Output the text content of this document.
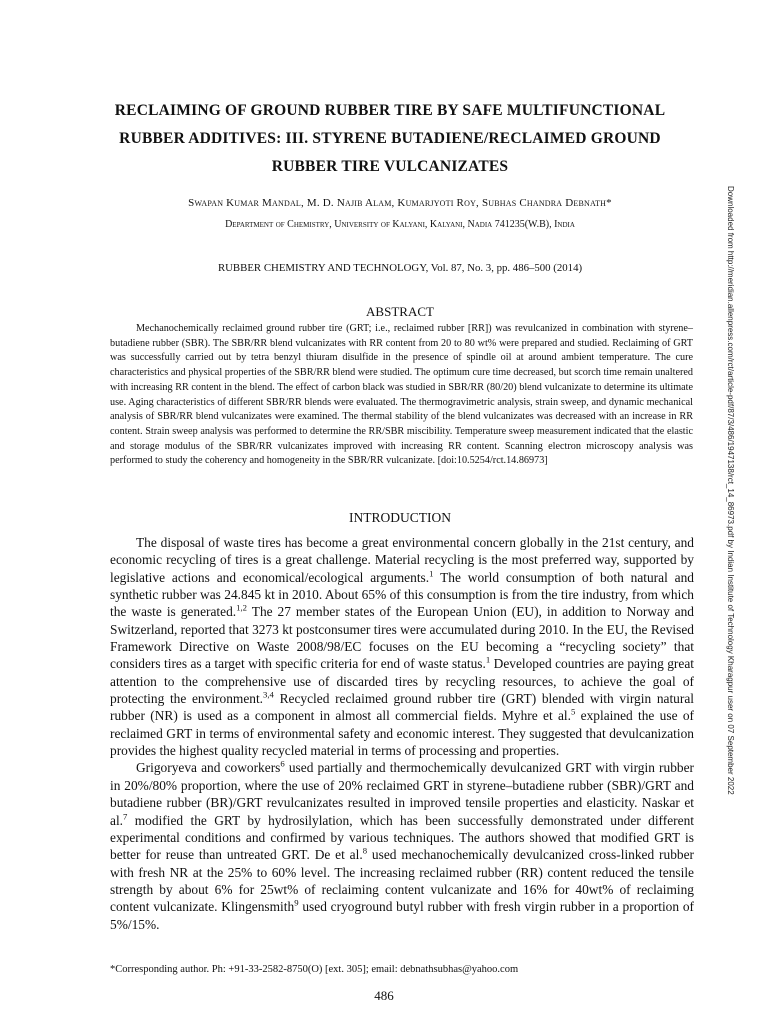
RECLAIMING OF GROUND RUBBER TIRE BY SAFE MULTIFUNCTIONAL
RUBBER ADDITIVES: III. STYRENE BUTADIENE/RECLAIMED GROUND
RUBBER TIRE VULCANIZATES
Swapan Kumar Mandal, M. D. Najib Alam, Kumarjyoti Roy, Subhas Chandra Debnath*
Department of Chemistry, University of Kalyani, Kalyani, Nadia 741235(W.B), India
RUBBER CHEMISTRY AND TECHNOLOGY, Vol. 87, No. 3, pp. 486–500 (2014)
ABSTRACT
Mechanochemically reclaimed ground rubber tire (GRT; i.e., reclaimed rubber [RR]) was revulcanized in combination with styrene–butadiene rubber (SBR). The SBR/RR blend vulcanizates with RR content from 20 to 80 wt% were prepared and studied. Reclaiming of GRT was successfully carried out by tetra benzyl thiuram disulfide in the presence of spindle oil at around ambient temperature. The cure characteristics and physical properties of the SBR/RR blend were studied. The optimum cure time decreased, but scorch time remain unaltered with increasing RR content in the blend. The effect of carbon black was studied in SBR/RR (80/20) blend vulcanizate to determine its ultimate use. Aging characteristics of different SBR/RR blends were evaluated. The thermogravimetric analysis, strain sweep, and dynamic mechanical analysis of SBR/RR blend vulcanizates were examined. The thermal stability of the blend vulcanizates was decreased with an increase in RR content. Strain sweep analysis was performed to determine the RR/SBR miscibility. Temperature sweep measurement indicated that the elastic and storage modulus of the SBR/RR vulcanizates improved with increasing RR content. Scanning electron microscopy analysis was performed to study the coherency and homogeneity in the SBR/RR vulcanizate. [doi:10.5254/rct.14.86973]
INTRODUCTION

The disposal of waste tires has become a great environmental concern globally in the 21st century, and economic recycling of tires is a great challenge. Material recycling is the most preferred way, supported by legislative actions and economical/ecological arguments.$^1$ The world consumption of both natural and synthetic rubber was 24.845 kt in 2010. About 65% of this consumption is from the tire industry, from which the waste is generated.$^{1,2}$ The 27 member states of the European Union (EU), in addition to Norway and Switzerland, reported that 3273 kt postconsumer tires were accumulated during 2010. In the EU, the Revised Framework Directive on Waste 2008/98/EC focuses on the EU becoming a “recycling society” that considers tires as a target with specific criteria for end of waste status.$^1$ Developed countries are paying great attention to the comprehensive use of discarded tires by recycling resources, to achieve the goal of protecting the environment.$^{3,4}$ Recycled reclaimed ground rubber tire (GRT) blended with virgin natural rubber (NR) is used as a component in almost all commercial fields. Myhre et al.$^5$ explained the use of reclaimed GRT in terms of environmental safety and economic interest. They suggested that devulcanization provides the highest quality recycled material in terms of processing and properties.

Grigoryeva and coworkers$^6$ used partially and thermochemically devulcanized GRT with virgin rubber in 20%/80% proportion, where the use of 20% reclaimed GRT in styrene–butadiene rubber (SBR)/GRT and butadiene rubber (BR)/GRT revulcanizates resulted in improved tensile properties and elasticity. Naskar et al.$^7$ modified the GRT by hydrosilylation, which has been successfully demonstrated under different experimental conditions and confirmed by various techniques. The authors showed that modified GRT is better for reuse than untreated GRT. De et al.$^8$ used mechanochemically devulcanized cross-linked rubber with fresh NR at the 25% to 60% level. The increasing reclaimed rubber (RR) content reduced the tensile strength by about 6% for 25wt% of reclaiming content vulcanizate and 16% for 40wt% of reclaiming content vulcanizate. Klingensmith$^9$ used cryoground butyl rubber with fresh virgin rubber in a proportion of 5%/15%.

*Corresponding author. Ph: +91-33-2582-8750(O) [ext. 305]; email: debnathsubhas@yahoo.com
486
Downloaded from http://meridian.allenpress.com/rct/article-pdf/87/3/486/1947138/rct_14_86973.pdf by Indian Institute of Technology Kharagpur user on 07 September 2022
